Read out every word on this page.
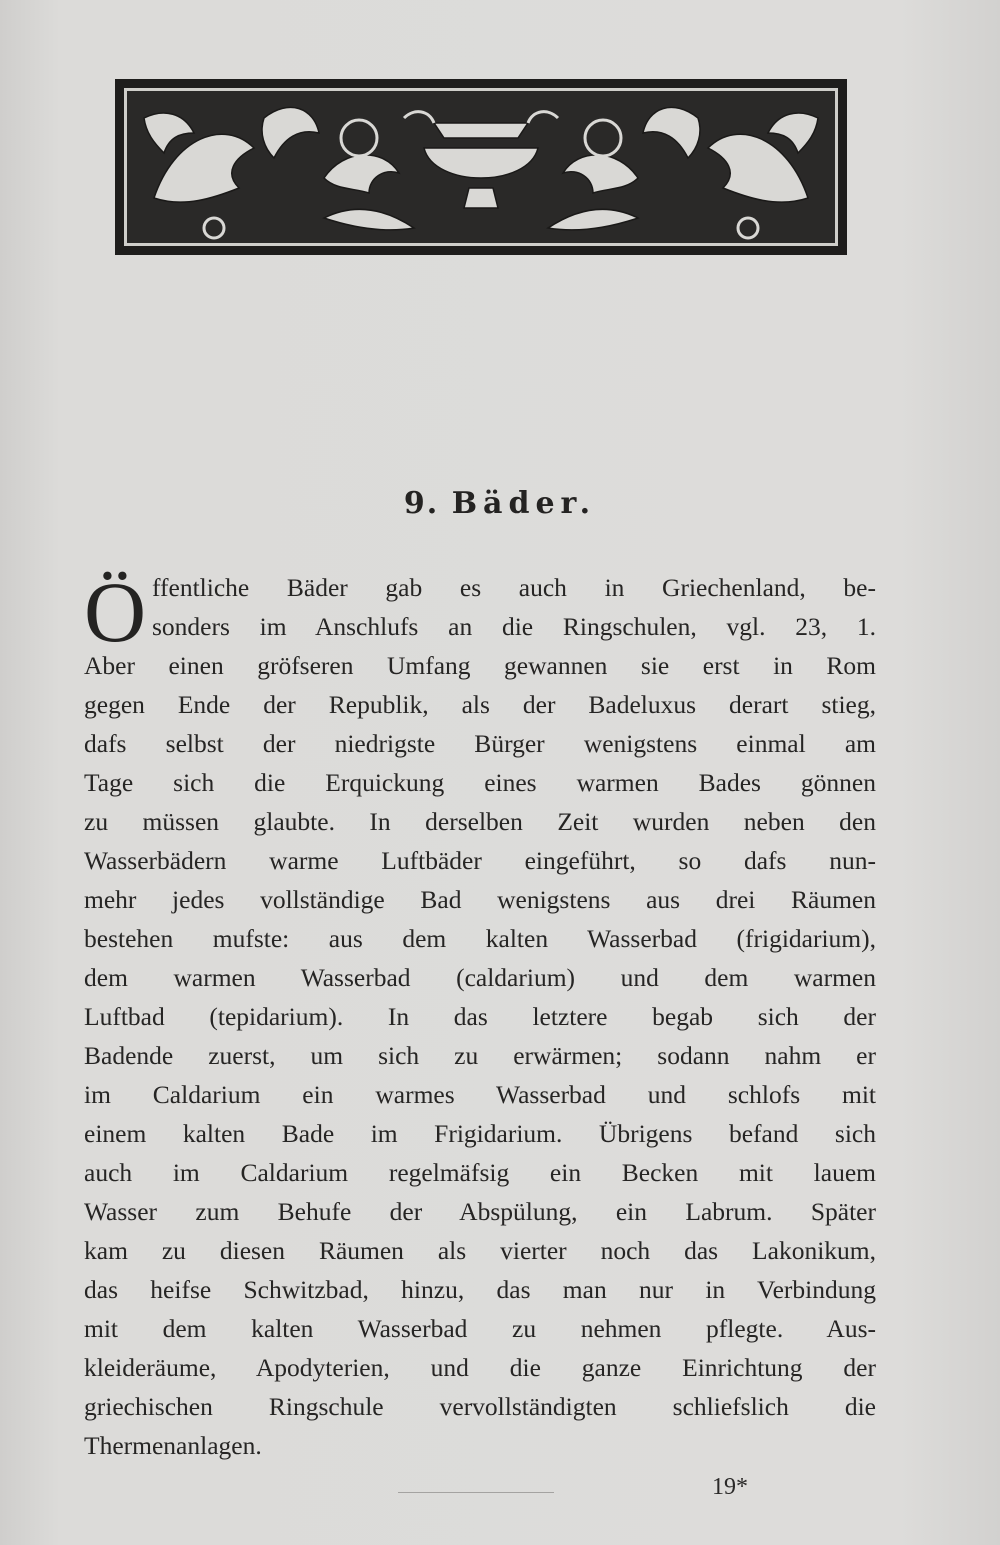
9. Bäder.
Ö ffentliche Bäder gab es auch in Griechenland, be-
sonders im Anschlufs an die Ringschulen, vgl. 23, 1.
Aber einen gröfseren Umfang gewannen sie erst in Rom
gegen Ende der Republik, als der Badeluxus derart stieg,
dafs selbst der niedrigste Bürger wenigstens einmal am
Tage sich die Erquickung eines warmen Bades gönnen
zu müssen glaubte. In derselben Zeit wurden neben den
Wasserbädern warme Luftbäder eingeführt, so dafs nun-
mehr jedes vollständige Bad wenigstens aus drei Räumen
bestehen mufste: aus dem kalten Wasserbad (frigidarium),
dem warmen Wasserbad (caldarium) und dem warmen
Luftbad (tepidarium). In das letztere begab sich der
Badende zuerst, um sich zu erwärmen; sodann nahm er
im Caldarium ein warmes Wasserbad und schlofs mit
einem kalten Bade im Frigidarium. Übrigens befand sich
auch im Caldarium regelmäfsig ein Becken mit lauem
Wasser zum Behufe der Abspülung, ein Labrum. Später
kam zu diesen Räumen als vierter noch das Lakonikum,
das heifse Schwitzbad, hinzu, das man nur in Verbindung
mit dem kalten Wasserbad zu nehmen pflegte. Aus-
kleideräume, Apodyterien, und die ganze Einrichtung der
griechischen Ringschule vervollständigten schliefslich die
Thermenanlagen.
19*
